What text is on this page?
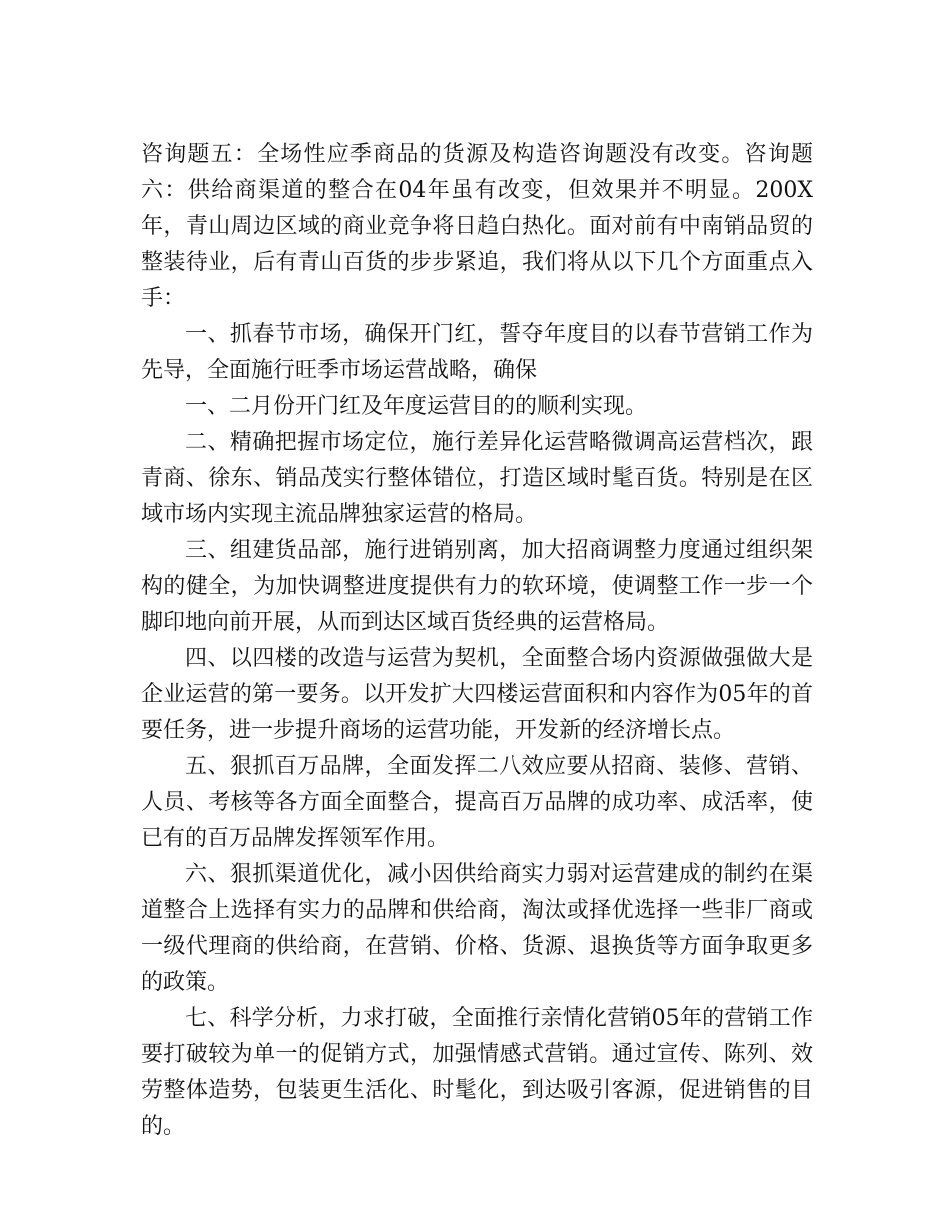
咨询题五：全场性应季商品的货源及构造咨询题没有改变。咨询题六：供给商渠道的整合在04年虽有改变，但效果并不明显。200X年，青山周边区域的商业竞争将日趋白热化。面对前有中南销品贸的整装待业，后有青山百货的步步紧追，我们将从以下几个方面重点入手：

一、抓春节市场，确保开门红，誓夺年度目的以春节营销工作为先导，全面施行旺季市场运营战略，确保

一、二月份开门红及年度运营目的的顺利实现。

二、精确把握市场定位，施行差异化运营略微调高运营档次，跟青商、徐东、销品茂实行整体错位，打造区域时髦百货。特别是在区域市场内实现主流品牌独家运营的格局。

三、组建货品部，施行进销别离，加大招商调整力度通过组织架构的健全，为加快调整进度提供有力的软环境，使调整工作一步一个脚印地向前开展，从而到达区域百货经典的运营格局。

四、以四楼的改造与运营为契机，全面整合场内资源做强做大是企业运营的第一要务。以开发扩大四楼运营面积和内容作为05年的首要任务，进一步提升商场的运营功能，开发新的经济增长点。

五、狠抓百万品牌，全面发挥二八效应要从招商、装修、营销、人员、考核等各方面全面整合，提高百万品牌的成功率、成活率，使已有的百万品牌发挥领军作用。

六、狠抓渠道优化，减小因供给商实力弱对运营建成的制约在渠道整合上选择有实力的品牌和供给商，淘汰或择优选择一些非厂商或一级代理商的供给商，在营销、价格、货源、退换货等方面争取更多的政策。

七、科学分析，力求打破，全面推行亲情化营销05年的营销工作要打破较为单一的促销方式，加强情感式营销。通过宣传、陈列、效劳整体造势，包装更生活化、时髦化，到达吸引客源，促进销售的目的。
